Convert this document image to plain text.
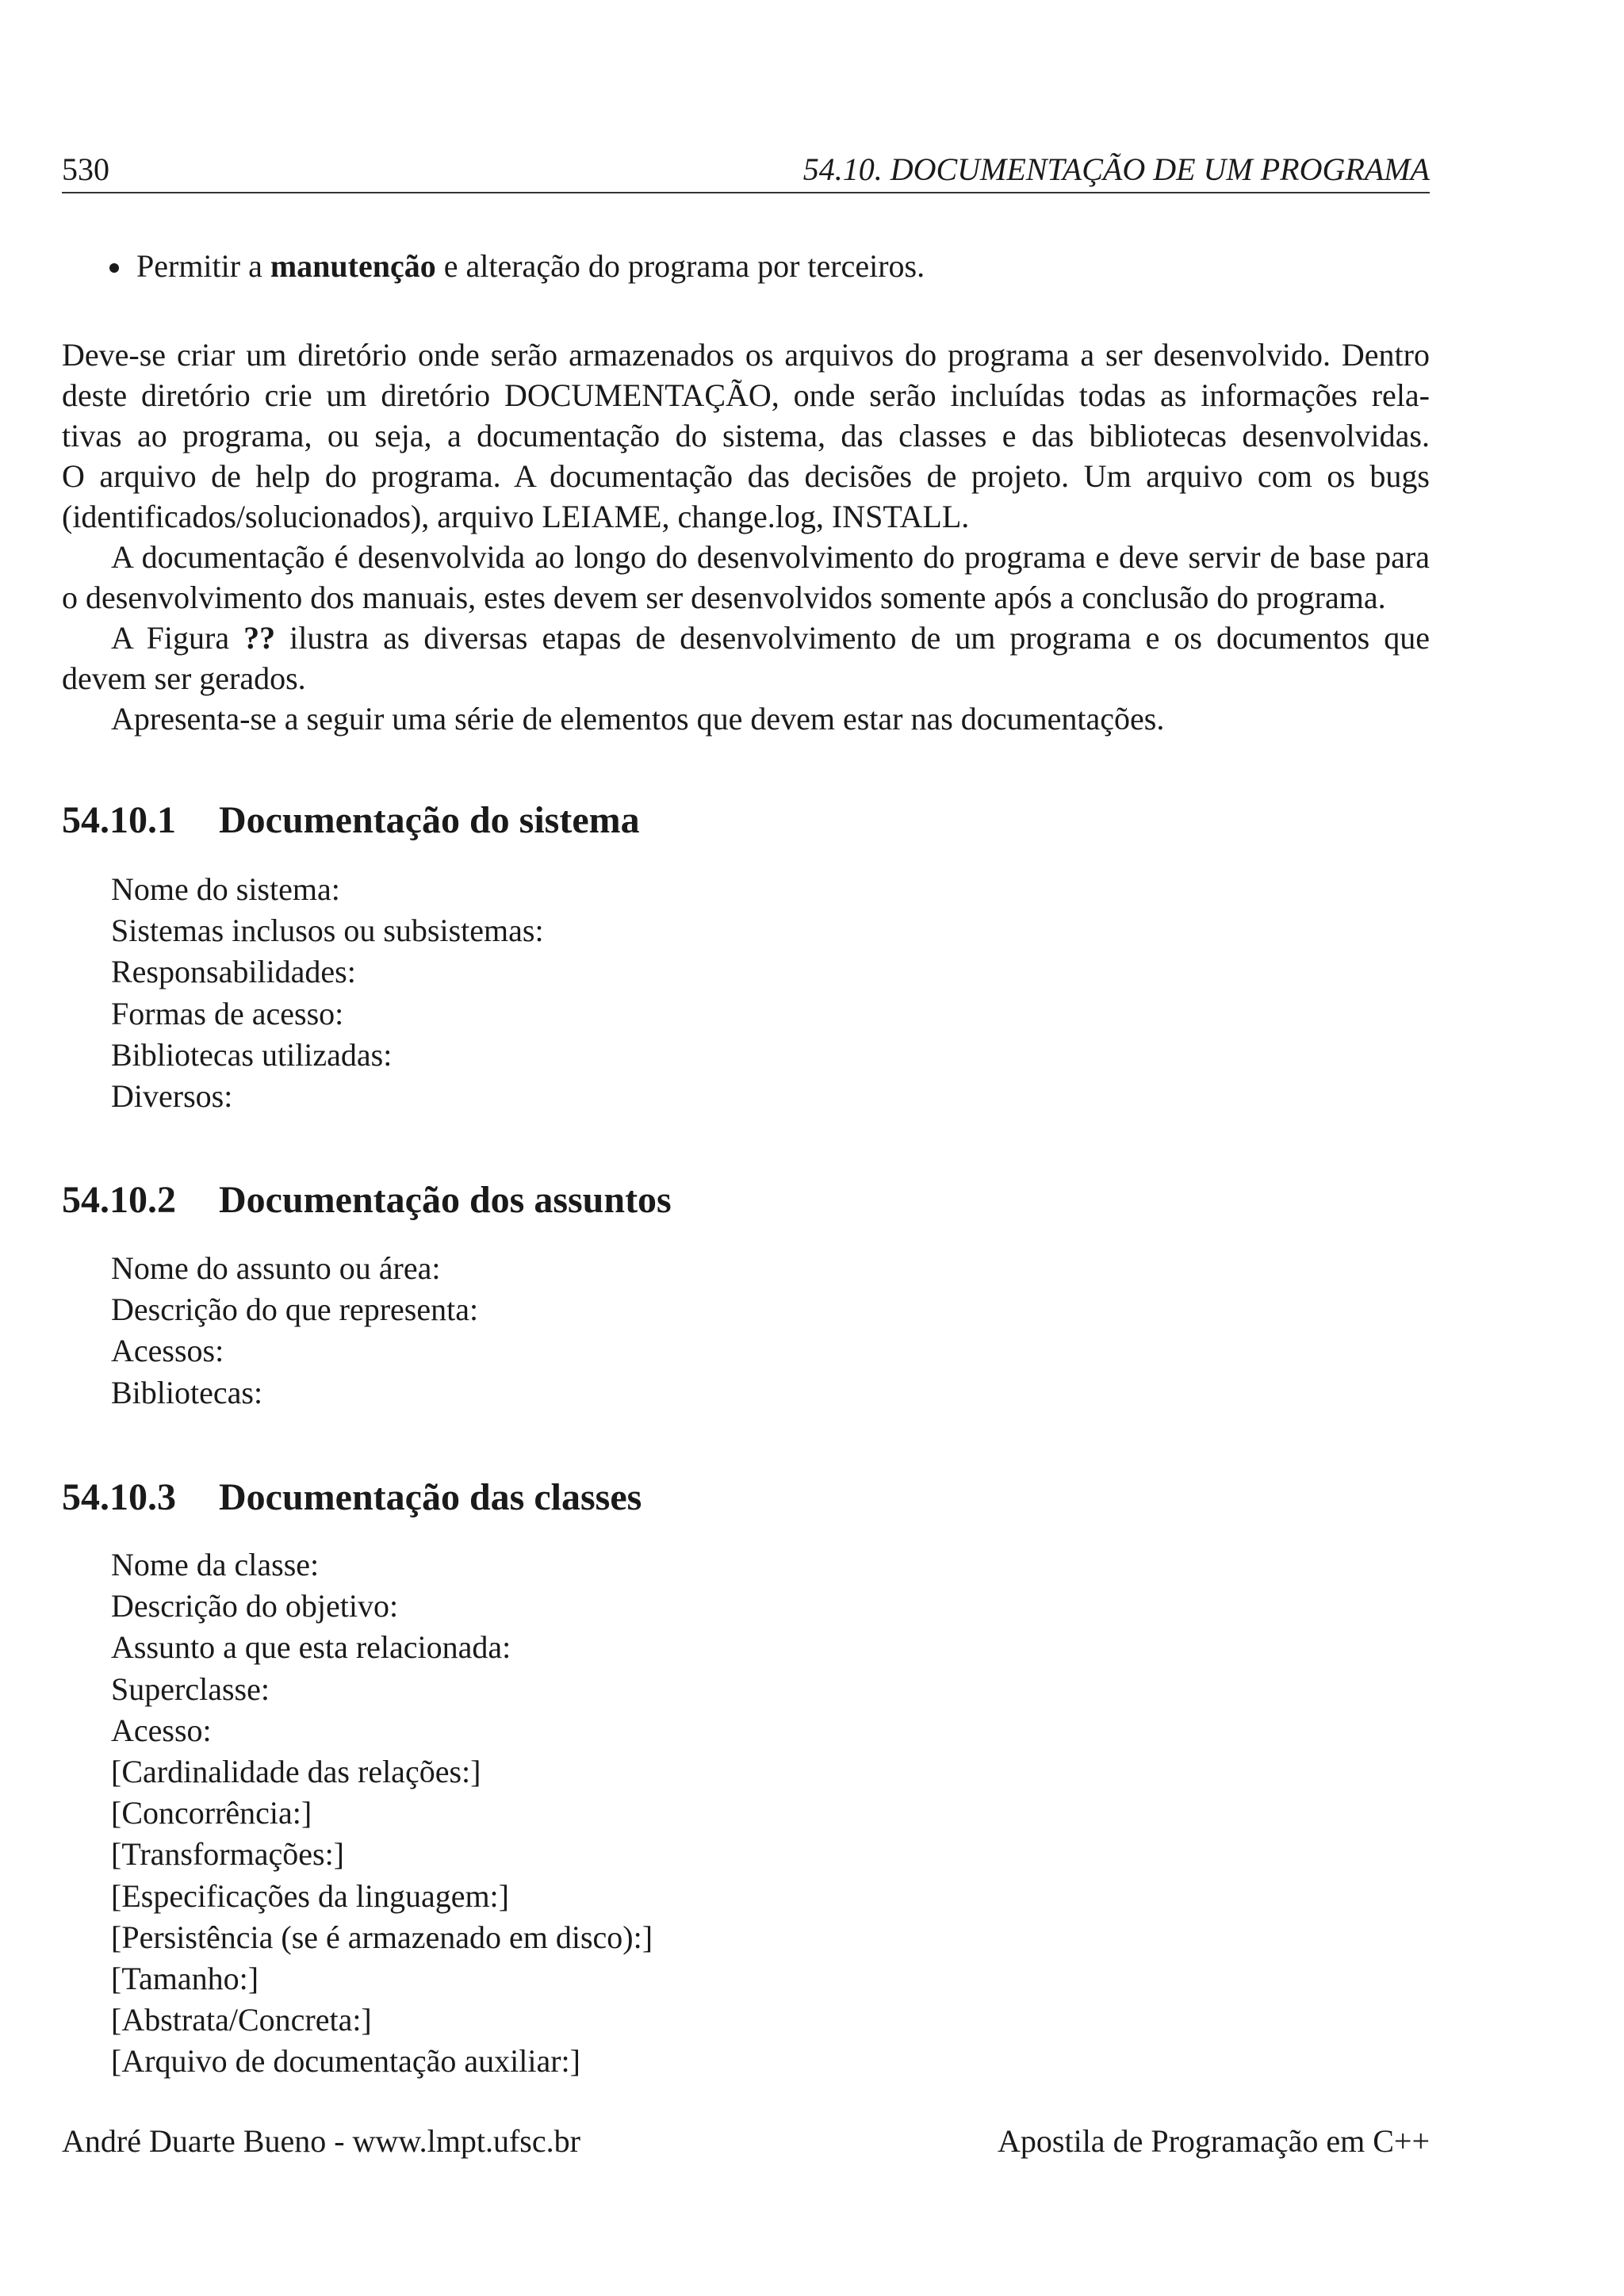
530	54.10. DOCUMENTAÇÃO DE UM PROGRAMA
Permitir a manutenção e alteração do programa por terceiros.

Deve-se criar um diretório onde serão armazenados os arquivos do programa a ser desenvolvido. Dentro
deste diretório crie um diretório DOCUMENTAÇÃO, onde serão incluídas todas as informações rela-
tivas ao programa, ou seja, a documentação do sistema, das classes e das bibliotecas desenvolvidas.
O arquivo de help do programa. A documentação das decisões de projeto. Um arquivo com os bugs
(identificados/solucionados), arquivo LEIAME, change.log, INSTALL.

A documentação é desenvolvida ao longo do desenvolvimento do programa e deve servir de base para
o desenvolvimento dos manuais, estes devem ser desenvolvidos somente após a conclusão do programa.

A Figura ?? ilustra as diversas etapas de desenvolvimento de um programa e os documentos que
devem ser gerados.

Apresenta-se a seguir uma série de elementos que devem estar nas documentações.

54.10.1 Documentação do sistema
Nome do sistema:
Sistemas inclusos ou subsistemas:
Responsabilidades:
Formas de acesso:
Bibliotecas utilizadas:
Diversos:
54.10.2 Documentação dos assuntos
Nome do assunto ou área:
Descrição do que representa:
Acessos:
Bibliotecas:
54.10.3 Documentação das classes
Nome da classe:
Descrição do objetivo:
Assunto a que esta relacionada:
Superclasse:
Acesso:
[Cardinalidade das relações:]
[Concorrência:]
[Transformações:]
[Especificações da linguagem:]
[Persistência (se é armazenado em disco):]
[Tamanho:]
[Abstrata/Concreta:]
[Arquivo de documentação auxiliar:]
André Duarte Bueno - www.lmpt.ufsc.br	Apostila de Programação em C++
